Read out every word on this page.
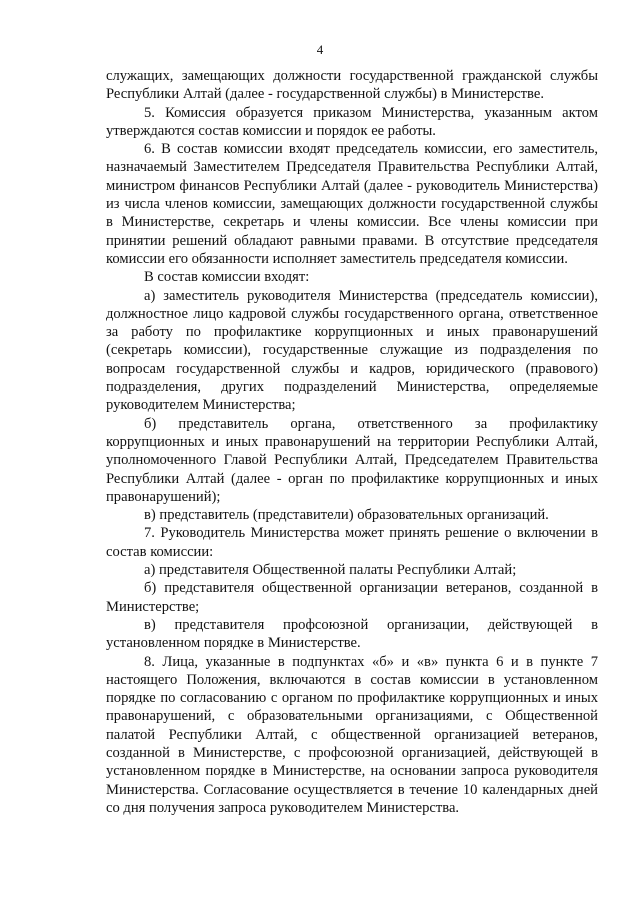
4

служащих, замещающих должности государственной гражданской службы Республики Алтай (далее - государственной службы) в Министерстве.

5. Комиссия образуется приказом Министерства, указанным актом утверждаются состав комиссии и порядок ее работы.

6. В состав комиссии входят председатель комиссии, его заместитель, назначаемый Заместителем Председателя Правительства Республики Алтай, министром финансов Республики Алтай (далее - руководитель Министерства) из числа членов комиссии, замещающих должности государственной службы в Министерстве, секретарь и члены комиссии. Все члены комиссии при принятии решений обладают равными правами. В отсутствие председателя комиссии его обязанности исполняет заместитель председателя комиссии.

В состав комиссии входят:

а) заместитель руководителя Министерства (председатель комиссии), должностное лицо кадровой службы государственного органа, ответственное за работу по профилактике коррупционных и иных правонарушений (секретарь комиссии), государственные служащие из подразделения по вопросам государственной службы и кадров, юридического (правового) подразделения, других подразделений Министерства, определяемые руководителем Министерства;

б) представитель органа, ответственного за профилактику коррупционных и иных правонарушений на территории Республики Алтай, уполномоченного Главой Республики Алтай, Председателем Правительства Республики Алтай (далее - орган по профилактике коррупционных и иных правонарушений);

в) представитель (представители) образовательных организаций.

7. Руководитель Министерства может принять решение о включении в состав комиссии:

а) представителя Общественной палаты Республики Алтай;

б) представителя общественной организации ветеранов, созданной в Министерстве;

в) представителя профсоюзной организации, действующей в установленном порядке в Министерстве.

8. Лица, указанные в подпунктах «б» и «в» пункта 6 и в пункте 7 настоящего Положения, включаются в состав комиссии в установленном порядке по согласованию с органом по профилактике коррупционных и иных правонарушений, с образовательными организациями, с Общественной палатой Республики Алтай, с общественной организацией ветеранов, созданной в Министерстве, с профсоюзной организацией, действующей в установленном порядке в Министерстве, на основании запроса руководителя Министерства. Согласование осуществляется в течение 10 календарных дней со дня получения запроса руководителем Министерства.
